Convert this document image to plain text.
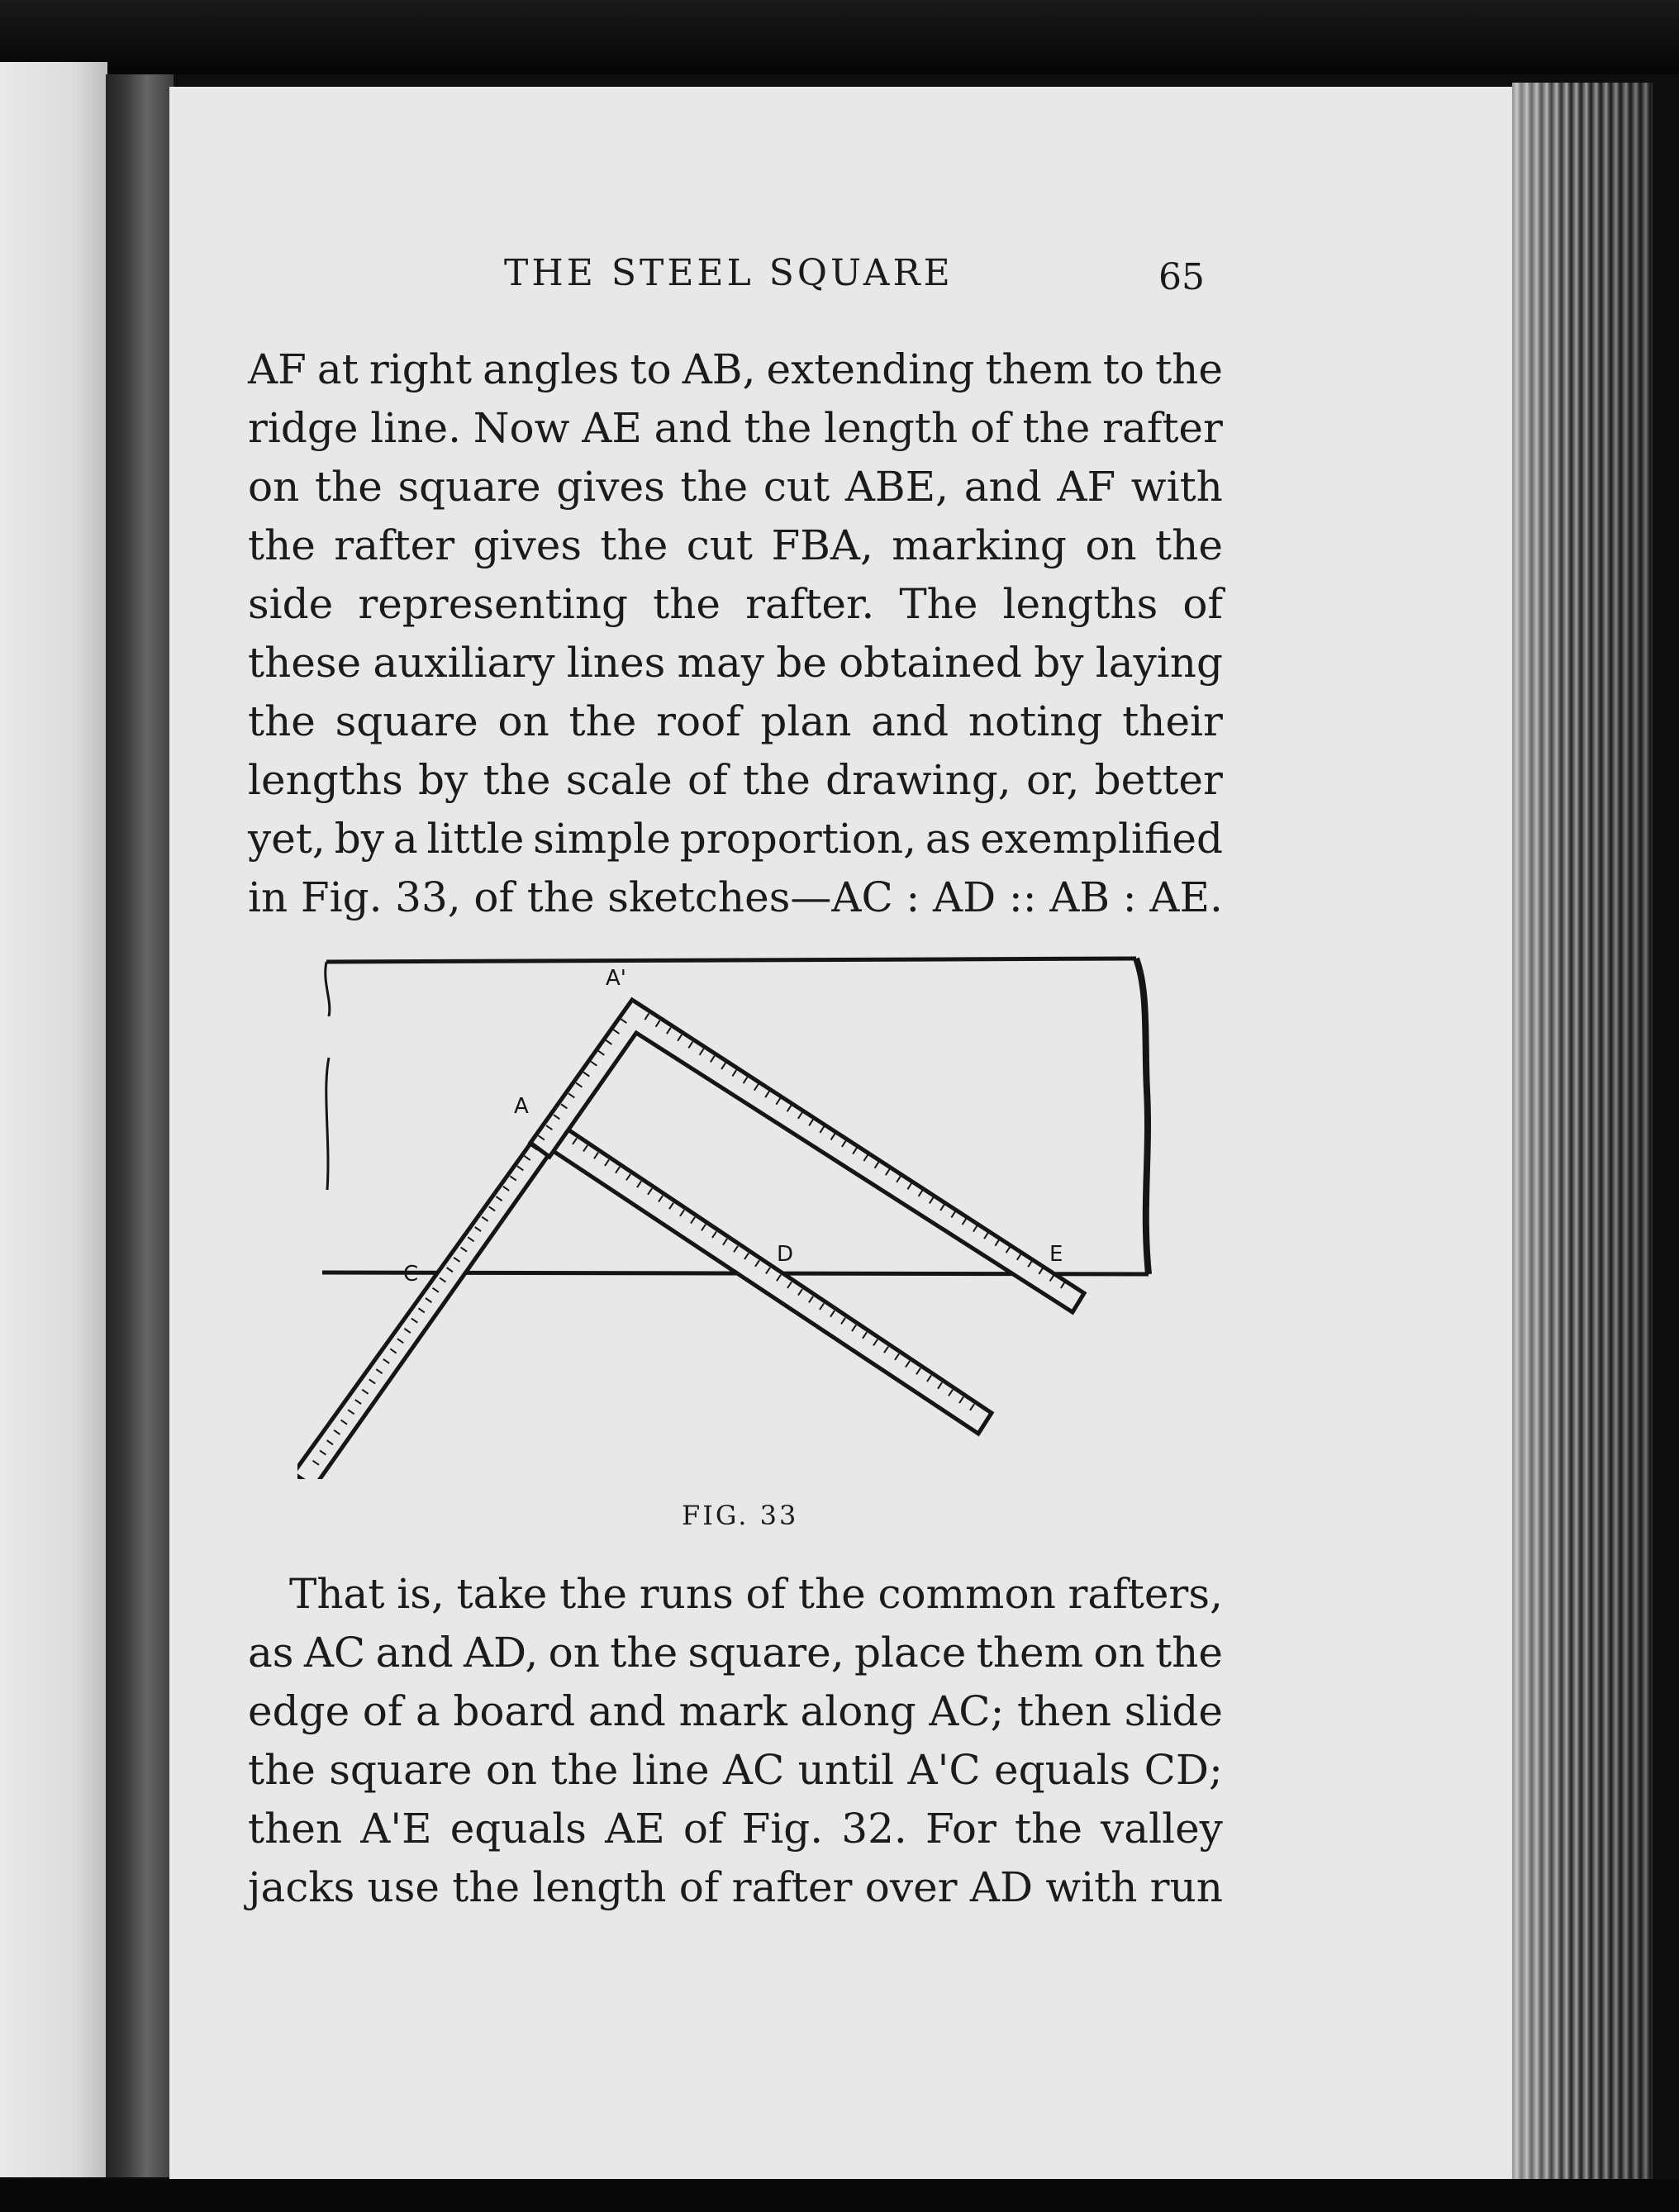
THE STEEL SQUARE	65
AF at right angles to AB, extending them to the
ridge line. Now AE and the length of the rafter
on the square gives the cut ABE, and AF with
the rafter gives the cut FBA, marking on the
side representing the rafter. The lengths of
these auxiliary lines may be obtained by laying
the square on the roof plan and noting their
lengths by the scale of the drawing, or, better
yet, by a little simple proportion, as exemplified
in Fig. 33, of the sketches—AC : AD :: AB : AE.
A'
A
C
D	E
FIG. 33
That is, take the runs of the common rafters,
as AC and AD, on the square, place them on the
edge of a board and mark along AC; then slide
the square on the line AC until A'C equals CD;
then A'E equals AE of Fig. 32. For the valley
jacks use the length of rafter over AD with run
